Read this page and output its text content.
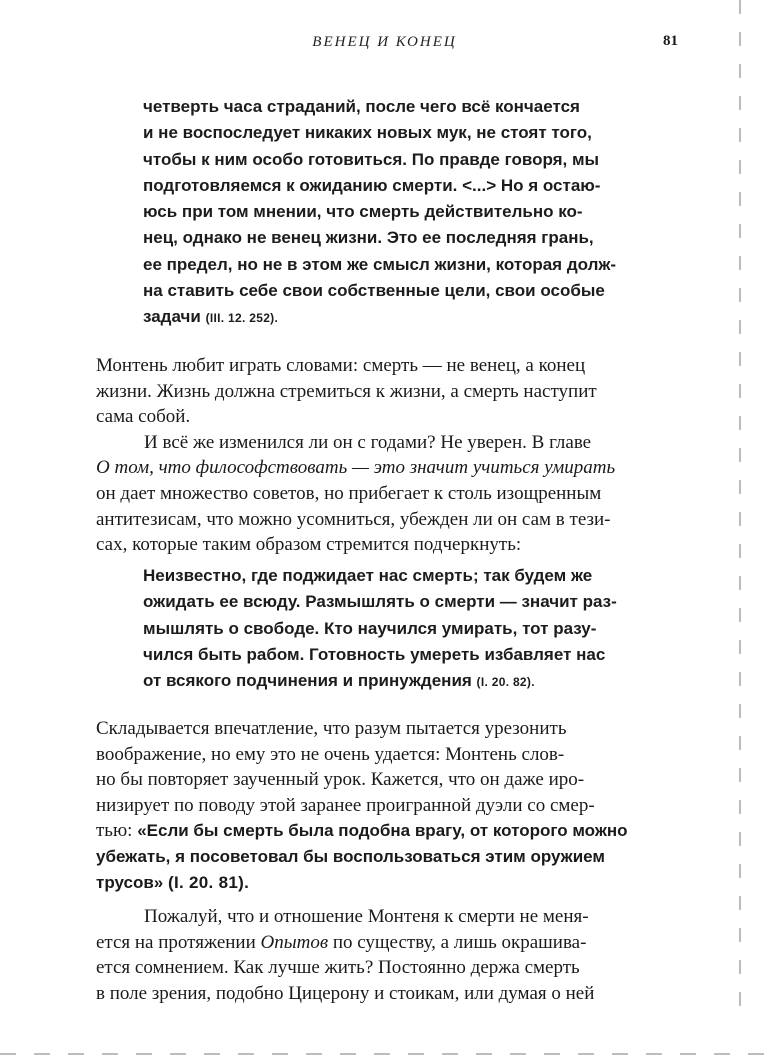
ВЕНЕЦ И КОНЕЦ	81
четверть часа страданий, после чего всё кончается
и не воспоследует никаких новых мук, не стоят того,
чтобы к ним особо готовиться. По правде говоря, мы
подготовляемся к ожиданию смерти. <...> Но я остаю-
юсь при том мнении, что смерть действительно ко-
нец, однако не венец жизни. Это ее последняя грань,
ее предел, но не в этом же смысл жизни, которая долж-
на ставить себе свои собственные цели, свои особые
задачи (III. 12. 252).
Монтень любит играть словами: смерть — не венец, а конец
жизни. Жизнь должна стремиться к жизни, а смерть наступит
сама собой.
И всё же изменился ли он с годами? Не уверен. В главе
О том, что философствовать — это значит учиться умирать
он дает множество советов, но прибегает к столь изощренным
антитезисам, что можно усомниться, убежден ли он сам в тези-
сах, которые таким образом стремится подчеркнуть:
Неизвестно, где поджидает нас смерть; так будем же
ожидать ее всюду. Размышлять о смерти — значит раз-
мышлять о свободе. Кто научился умирать, тот разу-
чился быть рабом. Готовность умереть избавляет нас
от всякого подчинения и принуждения (I. 20. 82).
Складывается впечатление, что разум пытается урезонить
воображение, но ему это не очень удается: Монтень слов-
но бы повторяет заученный урок. Кажется, что он даже иро-
низирует по поводу этой заранее проигранной дуэли со смер-
тью: «Если бы смерть была подобна врагу, от которого можно
убежать, я посоветовал бы воспользоваться этим оружием
трусов» (I. 20. 81).
Пожалуй, что и отношение Монтеня к смерти не меня-
ется на протяжении Опытов по существу, а лишь окрашива-
ется сомнением. Как лучше жить? Постоянно держа смерть
в поле зрения, подобно Цицерону и стоикам, или думая о ней
